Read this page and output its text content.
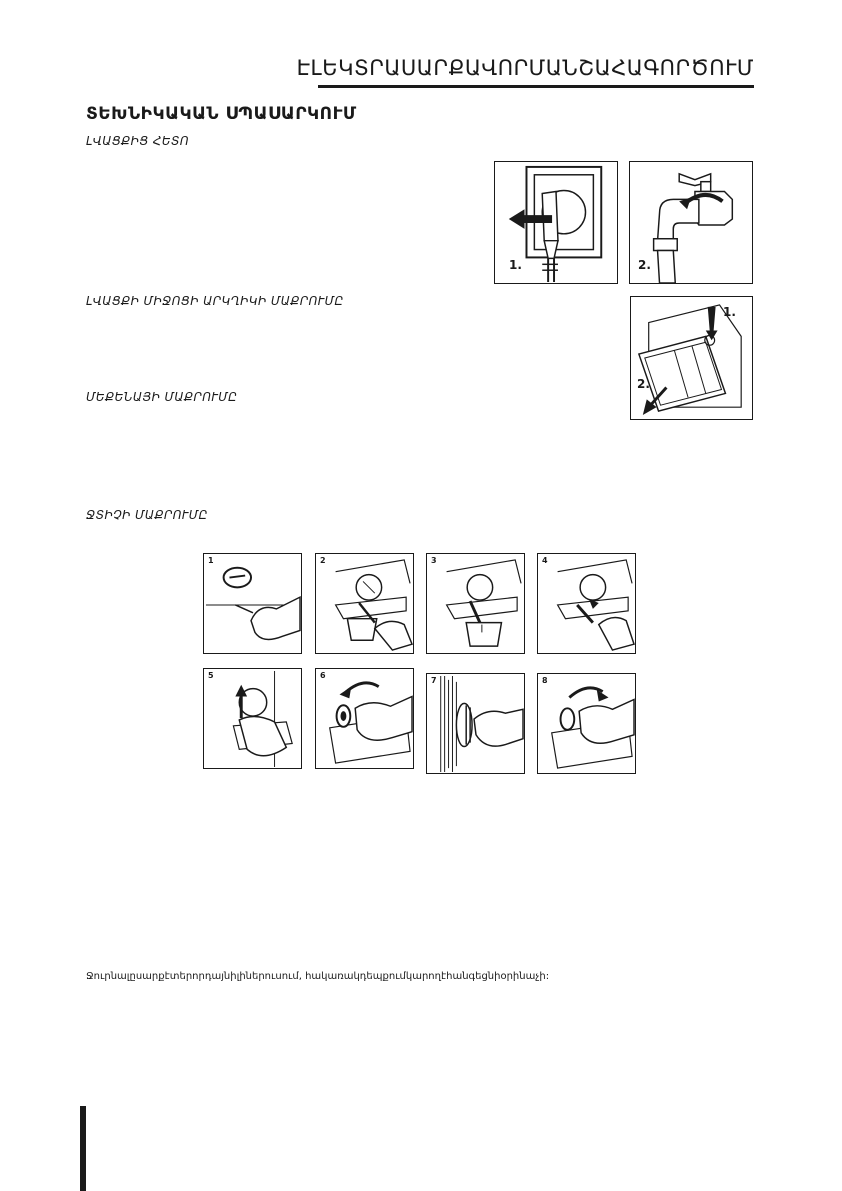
ԷԼԵԿՏՐԱՍԱՐՔԱՎՈՐՄԱՆՇԱՀԱԳՈՐԾՈՒՄ
ՏԵԽՆԻԿԱԿԱՆ ՍՊԱՍԱՐԿՈՒՄ
ԼՎԱՑՔԻՑ ՀԵՏՈ
ԼՎԱՑՔԻ ՄԻՋՈՑԻ ԱՐԿՂԻԿԻ ՄԱՔՐՈՒՄԸ
ՄԵՔԵՆԱՅԻ ՄԱՔՐՈՒՄԸ
ՋՏԻՉԻ ՄԱՔՐՈՒՄԸ
1.	2.
1.
2.
1	2	3	4
5	6
7	8
Ջուրնալըսարքէտերորդայնիլիներուսում, հակառակդեպքումկարողէհանգեցնիօրինաչի:
